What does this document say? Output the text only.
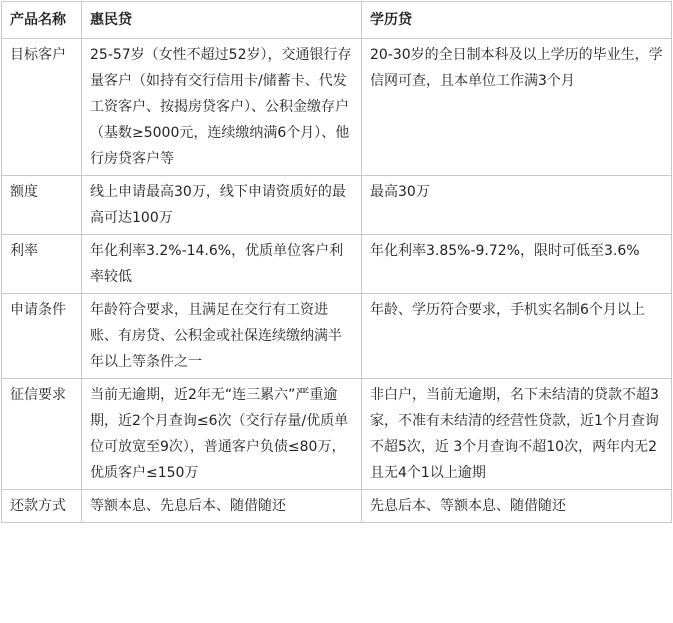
产品名称	惠民贷	学历贷
目标客户	25-57岁（女性不超过52岁），交通银行存量客户（如持有交行信用卡/储蓄卡、代发工资客户、按揭房贷客户）、公积金缴存户（基数≥5000元，连续缴纳满6个月）、他行房贷客户等	20-30岁的全日制本科及以上学历的毕业生，学信网可查，且本单位工作满3个月
额度	线上申请最高30万，线下申请资质好的最高可达100万	最高30万
利率	年化利率3.2%-14.6%，优质单位客户利率较低	年化利率3.85%-9.72%，限时可低至3.6%
申请条件	年龄符合要求，且满足在交行有工资进账、有房贷、公积金或社保连续缴纳满半年以上等条件之一	年龄、学历符合要求，手机实名制6个月以上
征信要求	当前无逾期，近2年无“连三累六”严重逾期，近2个月查询≤6次（交行存量/优质单位可放宽至9次），普通客户负债≤80万，优质客户≤150万	非白户，当前无逾期，名下未结清的贷款不超3家，不准有未结清的经营性贷款，近1个月查询不超5次，近 3个月查询不超10次，两年内无2且无4个1以上逾期
还款方式	等额本息、先息后本、随借随还	先息后本、等额本息、随借随还
